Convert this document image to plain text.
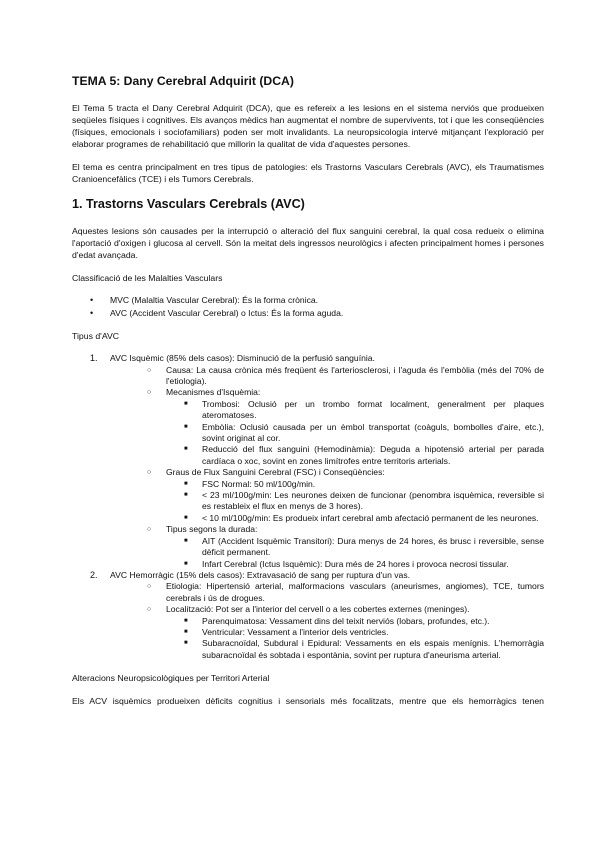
TEMA 5: Dany Cerebral Adquirit (DCA)

El Tema 5 tracta el Dany Cerebral Adquirit (DCA), que es refereix a les lesions en el sistema nerviós que produeixen seqüeles físiques i cognitives. Els avanços mèdics han augmentat el nombre de supervivents, tot i que les conseqüències (físiques, emocionals i sociofamiliars) poden ser molt invalidants. La neuropsicologia intervé mitjançant l'exploració per elaborar programes de rehabilitació que millorin la qualitat de vida d'aquestes persones.

El tema es centra principalment en tres tipus de patologies: els Trastorns Vasculars Cerebrals (AVC), els Traumatismes Cranioencefàlics (TCE) i els Tumors Cerebrals.

1. Trastorns Vasculars Cerebrals (AVC)

Aquestes lesions són causades per la interrupció o alteració del flux sanguini cerebral, la qual cosa redueix o elimina l'aportació d'oxigen i glucosa al cervell. Són la meitat dels ingressos neurològics i afecten principalment homes i persones d'edat avançada.

Classificació de les Malalties Vasculars
• MVC (Malaltia Vascular Cerebral): És la forma crònica.
• AVC (Accident Vascular Cerebral) o Ictus: És la forma aguda.
Tipus d'AVC
1. AVC Isquèmic (85% dels casos): Disminució de la perfusió sanguínia.
○ Causa: La causa crònica més freqüent és l'arteriosclerosi, i l'aguda és l'embòlia (més del 70% de l'etiologia).
○ Mecanismes d'Isquèmia:
■ Trombosi: Oclusió per un trombo format localment, generalment per plaques ateromatoses.
■ Embòlia: Oclusió causada per un èmbol transportat (coàguls, bombolles d'aire, etc.), sovint originat al cor.
■ Reducció del flux sanguini (Hemodinàmia): Deguda a hipotensió arterial per parada cardíaca o xoc, sovint en zones limítrofes entre territoris arterials.
○ Graus de Flux Sanguini Cerebral (FSC) i Conseqüències:
■ FSC Normal: 50 ml/100g/min.
■ < 23 ml/100g/min: Les neurones deixen de funcionar (penombra isquèmica, reversible si es restableix el flux en menys de 3 hores).
■ < 10 ml/100g/min: Es produeix infart cerebral amb afectació permanent de les neurones.
○ Tipus segons la durada:
■ AIT (Accident Isquèmic Transitori): Dura menys de 24 hores, és brusc i reversible, sense dèficit permanent.
■ Infart Cerebral (Ictus Isquèmic): Dura més de 24 hores i provoca necrosi tissular.
2. AVC Hemorràgic (15% dels casos): Extravasació de sang per ruptura d'un vas.
○ Etiologia: Hipertensió arterial, malformacions vasculars (aneurismes, angiomes), TCE, tumors cerebrals i ús de drogues.
○ Localització: Pot ser a l'interior del cervell o a les cobertes externes (meninges).
■ Parenquimatosa: Vessament dins del teixit nerviós (lobars, profundes, etc.).
■ Ventricular: Vessament a l'interior dels ventricles.
■ Subaracnoïdal, Subdural i Epidural: Vessaments en els espais menígnis. L'hemorràgia subaracnoïdal és sobtada i espontània, sovint per ruptura d'aneurisma arterial.
Alteracions Neuropsicològiques per Territori Arterial

Els ACV isquèmics produeixen dèficits cognitius i sensorials més focalitzats, mentre que els hemorràgics tenen
